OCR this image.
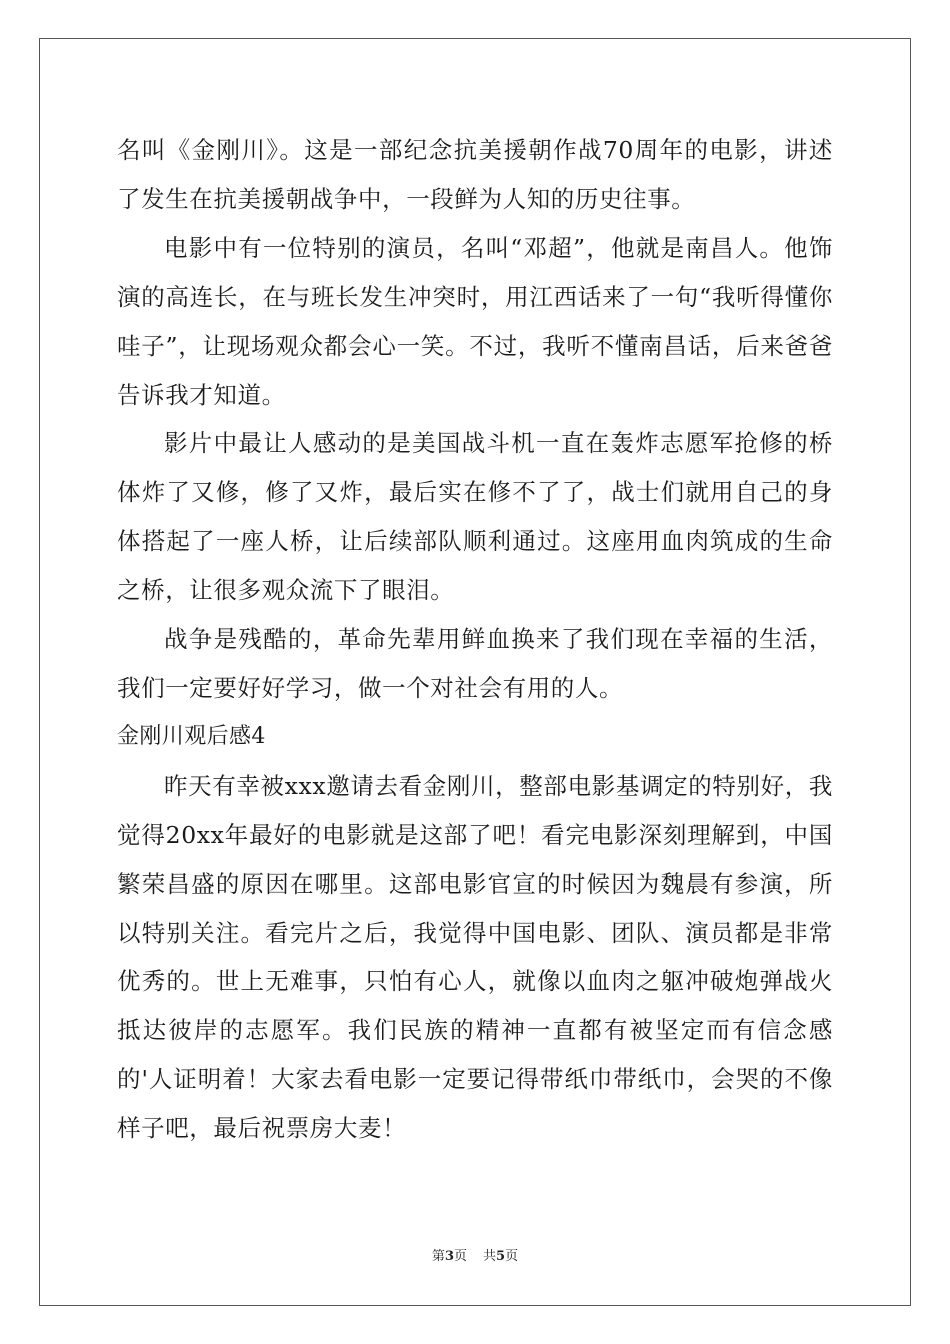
名叫《金刚川》。这是一部纪念抗美援朝作战70周年的电影，讲述了发生在抗美援朝战争中，一段鲜为人知的历史往事。

电影中有一位特别的演员，名叫“邓超”，他就是南昌人。他饰演的高连长，在与班长发生冲突时，用江西话来了一句“我听得懂你哇子”，让现场观众都会心一笑。不过，我听不懂南昌话，后来爸爸告诉我才知道。

影片中最让人感动的是美国战斗机一直在轰炸志愿军抢修的桥体炸了又修，修了又炸，最后实在修不了了，战士们就用自己的身体搭起了一座人桥，让后续部队顺利通过。这座用血肉筑成的生命之桥，让很多观众流下了眼泪。

战争是残酷的，革命先辈用鲜血换来了我们现在幸福的生活，我们一定要好好学习，做一个对社会有用的人。

金刚川观后感4

昨天有幸被xxx邀请去看金刚川，整部电影基调定的特别好，我觉得20xx年最好的电影就是这部了吧！看完电影深刻理解到，中国繁荣昌盛的原因在哪里。这部电影官宣的时候因为魏晨有参演，所以特别关注。看完片之后，我觉得中国电影、团队、演员都是非常优秀的。世上无难事，只怕有心人，就像以血肉之躯冲破炮弹战火抵达彼岸的志愿军。我们民族的精神一直都有被坚定而有信念感的'人证明着！大家去看电影一定要记得带纸巾带纸巾，会哭的不像样子吧，最后祝票房大麦！

第3页 共5页
